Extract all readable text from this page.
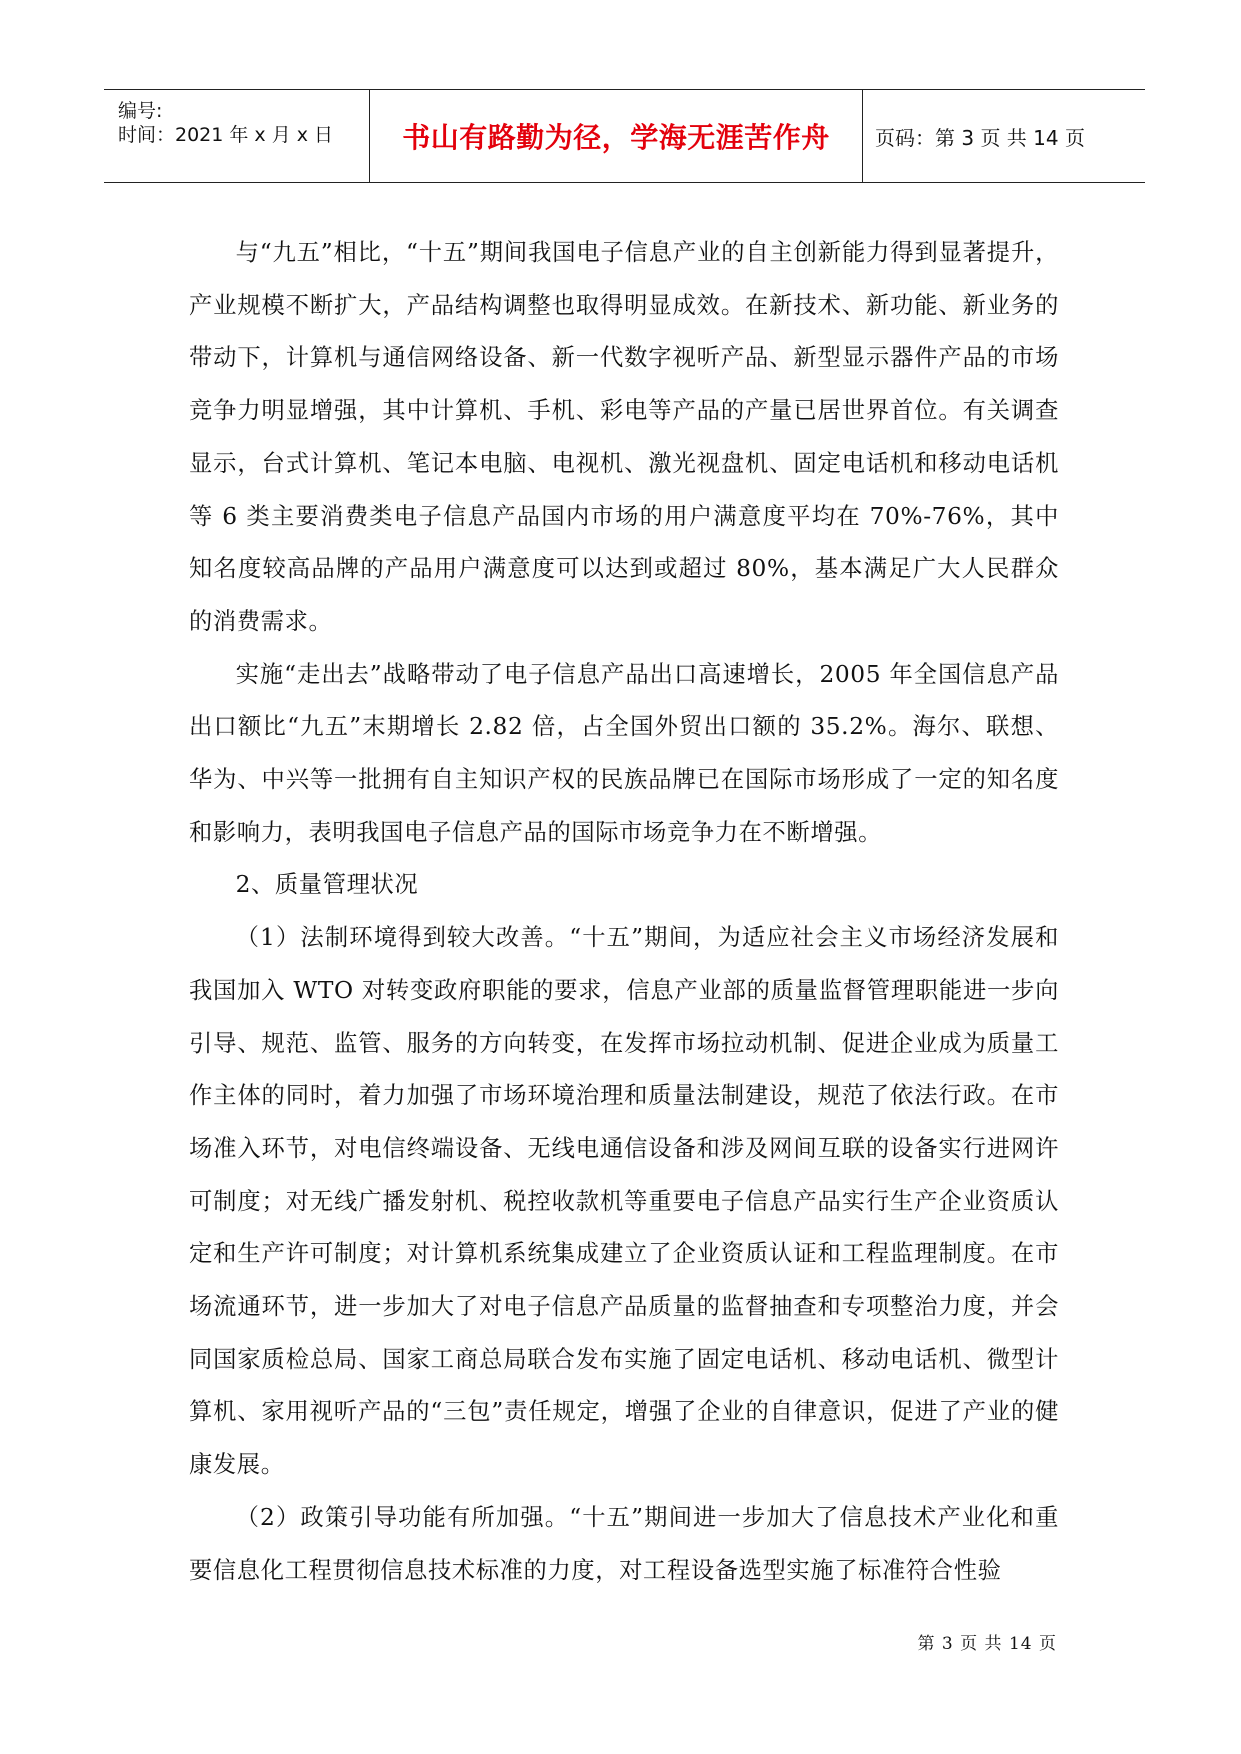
编号:
时间：2021 年 x 月 x 日 书山有路勤为径，学海无涯苦作舟 页码：第 3 页 共 14 页

与“九五”相比，“十五”期间我国电子信息产业的自主创新能力得到显著提升，产业规模不断扩大，产品结构调整也取得明显成效。在新技术、新功能、新业务的带动下，计算机与通信网络设备、新一代数字视听产品、新型显示器件产品的市场竞争力明显增强，其中计算机、手机、彩电等产品的产量已居世界首位。有关调查显示，台式计算机、笔记本电脑、电视机、激光视盘机、固定电话机和移动电话机等 6 类主要消费类电子信息产品国内市场的用户满意度平均在 70%-76%，其中知名度较高品牌的产品用户满意度可以达到或超过 80%，基本满足广大人民群众的消费需求。

实施“走出去”战略带动了电子信息产品出口高速增长，2005 年全国信息产品出口额比“九五”末期增长 2.82 倍，占全国外贸出口额的 35.2%。海尔、联想、华为、中兴等一批拥有自主知识产权的民族品牌已在国际市场形成了一定的知名度和影响力，表明我国电子信息产品的国际市场竞争力在不断增强。

2、质量管理状况

（1）法制环境得到较大改善。“十五”期间，为适应社会主义市场经济发展和我国加入 WTO 对转变政府职能的要求，信息产业部的质量监督管理职能进一步向引导、规范、监管、服务的方向转变，在发挥市场拉动机制、促进企业成为质量工作主体的同时，着力加强了市场环境治理和质量法制建设，规范了依法行政。在市场准入环节，对电信终端设备、无线电通信设备和涉及网间互联的设备实行进网许可制度；对无线广播发射机、税控收款机等重要电子信息产品实行生产企业资质认定和生产许可制度；对计算机系统集成建立了企业资质认证和工程监理制度。在市场流通环节，进一步加大了对电子信息产品质量的监督抽查和专项整治力度，并会同国家质检总局、国家工商总局联合发布实施了固定电话机、移动电话机、微型计算机、家用视听产品的“三包”责任规定，增强了企业的自律意识，促进了产业的健康发展。

（2）政策引导功能有所加强。“十五”期间进一步加大了信息技术产业化和重要信息化工程贯彻信息技术标准的力度，对工程设备选型实施了标准符合性验

第 3 页 共 14 页
